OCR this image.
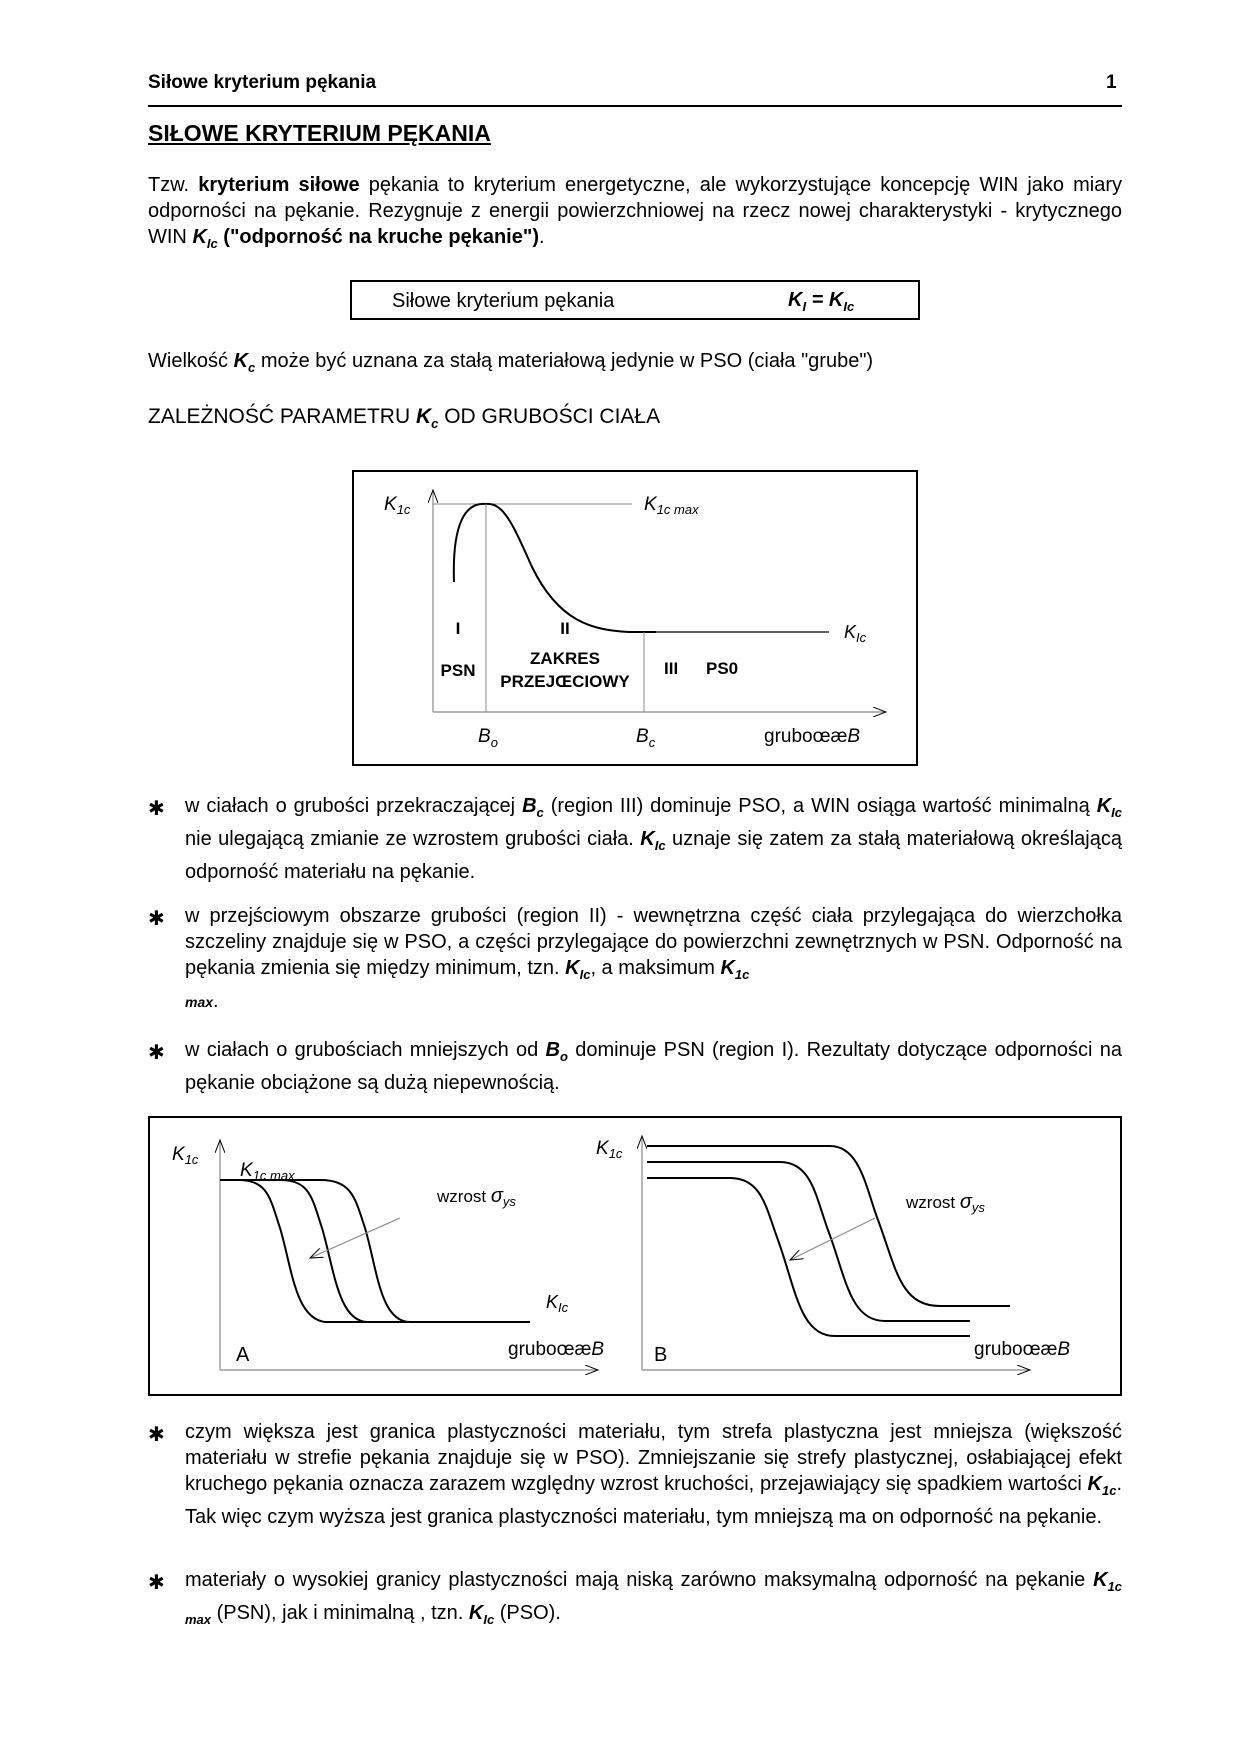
Siłowe kryterium pękania	1
SIŁOWE KRYTERIUM PĘKANIA
Tzw. kryterium siłowe pękania to kryterium energetyczne, ale wykorzystujące koncepcję WIN jako miary odporności na pękanie. Rezygnuje z energii powierzchniowej na rzecz nowej charakterystyki - krytycznego WIN $K_{Ic}$ ("odporność na kruche pękanie").
Siłowe kryterium pękania	$K_I = K_{Ic}$
Wielkość $K_c$ może być uznana za stałą materiałową jedynie w PSO (ciała "grube")
ZALEŻNOŚĆ PARAMETRU $K_c$ OD GRUBOŚCI CIAŁA
$K_{1c}$	$K_{1c max}$
$K_{Ic}$
I
PSN
II
ZAKRES
PRZEJŒCIOWY
III PS0
$B_o$	$B_c$	gruboœæB
✱ w ciałach o grubości przekraczającej $B_c$ (region III) dominuje PSO, a WIN osiąga wartość minimalną $K_{Ic}$ nie ulegającą zmianie ze wzrostem grubości ciała. $K_{Ic}$ uznaje się zatem za stałą materiałową określającą odporność materiału na pękanie.
✱ w przejściowym obszarze grubości (region II) - wewnętrzna część ciała przylegająca do wierzchołka szczeliny znajduje się w PSO, a części przylegające do powierzchni zewnętrznych w PSN. Odporność na pękania zmienia się między minimum, tzn. $K_{Ic}$, a maksimum $K_{1c}$
max.
✱ w ciałach o grubościach mniejszych od $B_o$ dominuje PSN (region I). Rezultaty dotyczące odporności na pękanie obciążone są dużą niepewnością.
$K_{1c}$
$K_{1c max}$
wzrost $\sigma_{ys}$
$K_{Ic}$
A	gruboœæB
$K_{1c}$
wzrost $\sigma_{ys}$
B	gruboœæB
✱ czym większa jest granica plastyczności materiału, tym strefa plastyczna jest mniejsza (większość materiału w strefie pękania znajduje się w PSO). Zmniejszanie się strefy plastycznej, osłabiającej efekt kruchego pękania oznacza zarazem względny wzrost kruchości, przejawiający się spadkiem wartości $K_{1c}$. Tak więc czym wyższa jest granica plastyczności materiału, tym mniejszą ma on odporność na pękanie.
✱ materiały o wysokiej granicy plastyczności mają niską zarówno maksymalną odporność na pękanie $K_{1c max}$ (PSN), jak i minimalną , tzn. $K_{Ic}$ (PSO).
